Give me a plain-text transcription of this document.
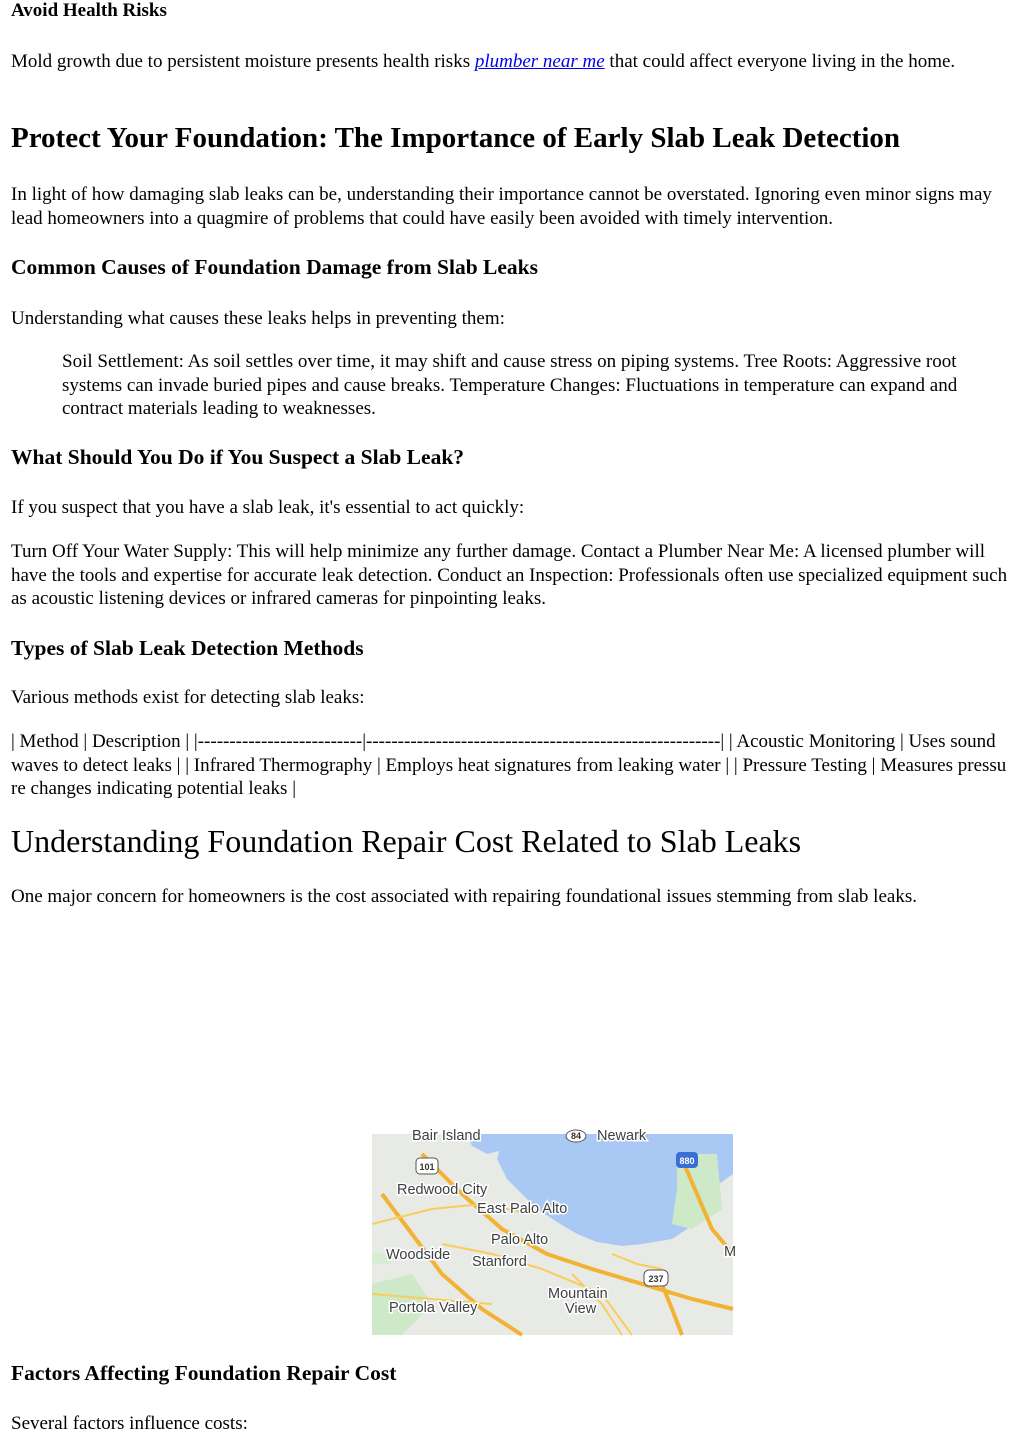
Avoid Health Risks

Mold growth due to persistent moisture presents health risks plumber near me that could affect everyone living in the home.

Protect Your Foundation: The Importance of Early Slab Leak Detection

In light of how damaging slab leaks can be, understanding their importance cannot be overstated. Ignoring even minor signs may lead homeowners into a quagmire of problems that could have easily been avoided with timely intervention.

Common Causes of Foundation Damage from Slab Leaks

Understanding what causes these leaks helps in preventing them:

Soil Settlement: As soil settles over time, it may shift and cause stress on piping systems. Tree Roots: Aggressive root systems can invade buried pipes and cause breaks. Temperature Changes: Fluctuations in temperature can expand and contract materials leading to weaknesses.
What Should You Do if You Suspect a Slab Leak?

If you suspect that you have a slab leak, it's essential to act quickly:

Turn Off Your Water Supply: This will help minimize any further damage. Contact a Plumber Near Me: A licensed plumber will have the tools and expertise for accurate leak detection. Conduct an Inspection: Professionals often use specialized equipment such as acoustic listening devices or infrared cameras for pinpointing leaks.

Types of Slab Leak Detection Methods

Various methods exist for detecting slab leaks:

| Method | Description | |--------------------------|--------------------------------------------------------| | Acoustic Monitoring | Uses sound waves to detect leaks | | Infrared Thermography | Employs heat signatures from leaking water | | Pressure Testing | Measures pressure changes indicating potential leaks |

Understanding Foundation Repair Cost Related to Slab Leaks

One major concern for homeowners is the cost associated with repairing foundational issues stemming from slab leaks.

101
880
237
84
Bair Island	Newark
Redwood City
East Palo Alto
Palo Alto
Woodside Stanford
Portola Valley
Mountain
View
M
Factors Affecting Foundation Repair Cost

Several factors influence costs:
